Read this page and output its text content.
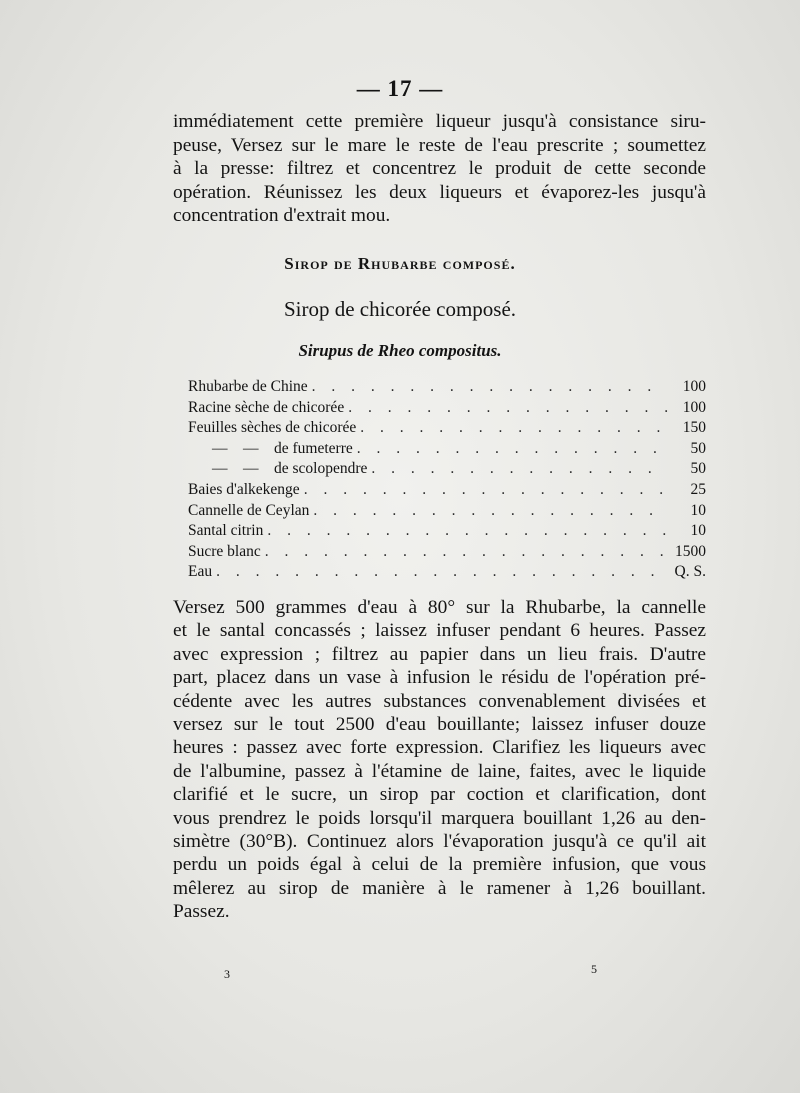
— 17 —
immédiatement cette première liqueur jusqu'à consistance siru-
peuse, Versez sur le mare le reste de l'eau prescrite ; soumettez
à la presse: filtrez et concentrez le produit de cette seconde
opération. Réunissez les deux liqueurs et évaporez-les jusqu'à
concentration d'extrait mou.
Sirop de Rhubarbe composé.
Sirop de chicorée composé.
Sirupus de Rheo compositus.
Rhubarbe de Chine . . .	100
Racine sèche de chicorée . . .	100
Feuilles sèches de chicorée . . .	150
—    —    de fumeterre . . .	50
—    —    de scolopendre . . .	50
Baies d'alkekenge . . .	25
Cannelle de Ceylan . . .	10
Santal citrin . . .	10
Sucre blanc . . .	1500
Eau . . .	Q. S.
Versez 500 grammes d'eau à 80° sur la Rhubarbe, la cannelle
et le santal concassés ; laissez infuser pendant 6 heures. Passez
avec expression ; filtrez au papier dans un lieu frais. D'autre
part, placez dans un vase à infusion le résidu de l'opération pré-
cédente avec les autres substances convenablement divisées et
versez sur le tout 2500 d'eau bouillante; laissez infuser douze
heures : passez avec forte expression. Clarifiez les liqueurs avec
de l'albumine, passez à l'étamine de laine, faites, avec le liquide
clarifié et le sucre, un sirop par coction et clarification, dont
vous prendrez le poids lorsqu'il marquera bouillant 1,26 au den-
simètre (30°B). Continuez alors l'évaporation jusqu'à ce qu'il ait
perdu un poids égal à celui de la première infusion, que vous
mêlerez au sirop de manière à le ramener à 1,26 bouillant.
Passez.
3	5
